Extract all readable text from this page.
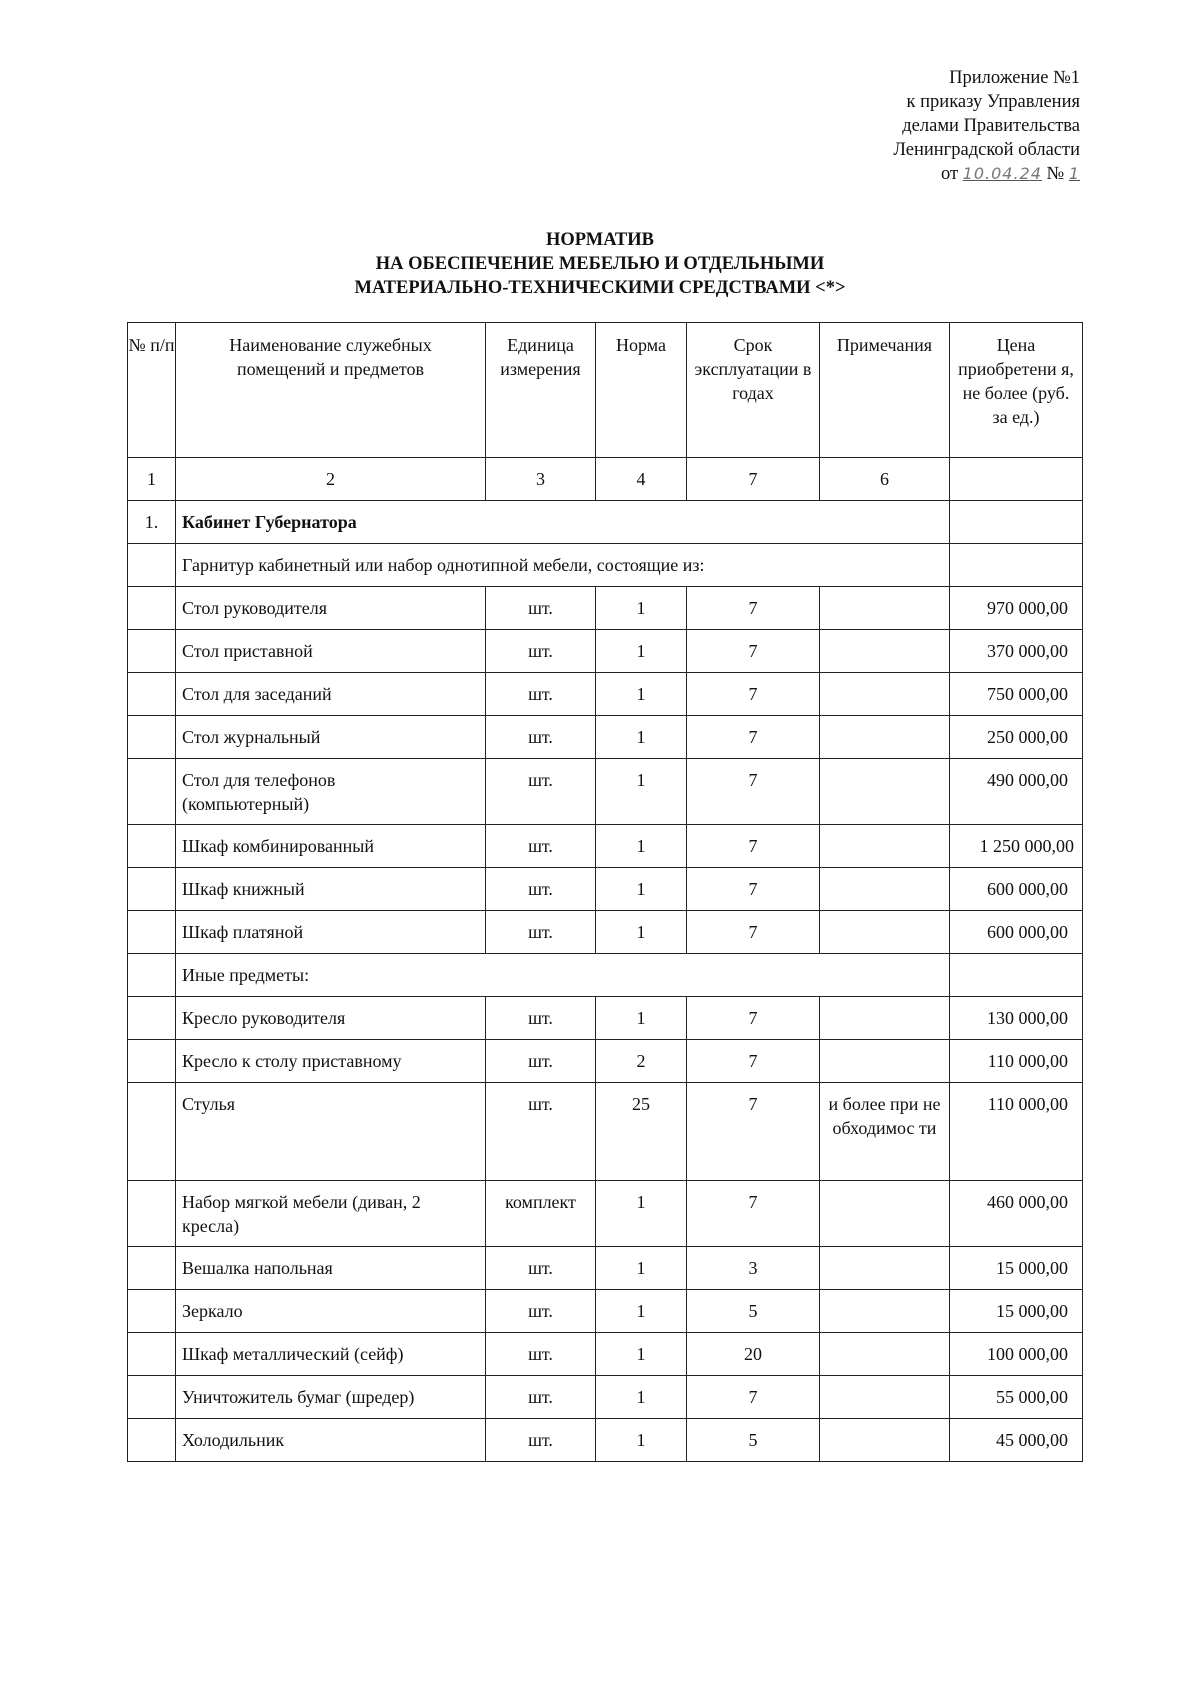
Приложение №1
к приказу Управления
делами Правительства
Ленинградской области
от 10.04.24 № 1
НОРМАТИВ
НА ОБЕСПЕЧЕНИЕ МЕБЕЛЬЮ И ОТДЕЛЬНЫМИ
МАТЕРИАЛЬНО-ТЕХНИЧЕСКИМИ СРЕДСТВАМИ <*>
№ п/п	Наименование служебных помещений и предметов	Единица измерения	Норма	Срок эксплуатации в годах	Примечания	Цена приобретени я, не более (руб. за ед.)
1	2	3	4	7	6	
1.	Кабинет Губернатора					
	Гарнитур кабинетный или набор однотипной мебели, состоящие из:					
	Стол руководителя	шт.	1	7		970 000,00
	Стол приставной	шт.	1	7		370 000,00
	Стол для заседаний	шт.	1	7		750 000,00
	Стол журнальный	шт.	1	7		250 000,00
	Стол для телефонов (компьютерный)	шт.	1	7		490 000,00
	Шкаф комбинированный	шт.	1	7		1 250 000,00
	Шкаф книжный	шт.	1	7		600 000,00
	Шкаф платяной	шт.	1	7		600 000,00
	Иные предметы:					
	Кресло руководителя	шт.	1	7		130 000,00
	Кресло к столу приставному	шт.	2	7		110 000,00
	Стулья	шт.	25	7	и более при необходимос ти	110 000,00
	Набор мягкой мебели (диван, 2 кресла)	комплект	1	7		460 000,00
	Вешалка напольная	шт.	1	3		15 000,00
	Зеркало	шт.	1	5		15 000,00
	Шкаф металлический (сейф)	шт.	1	20		100 000,00
	Уничтожитель бумаг (шредер)	шт.	1	7		55 000,00
	Холодильник	шт.	1	5		45 000,00
